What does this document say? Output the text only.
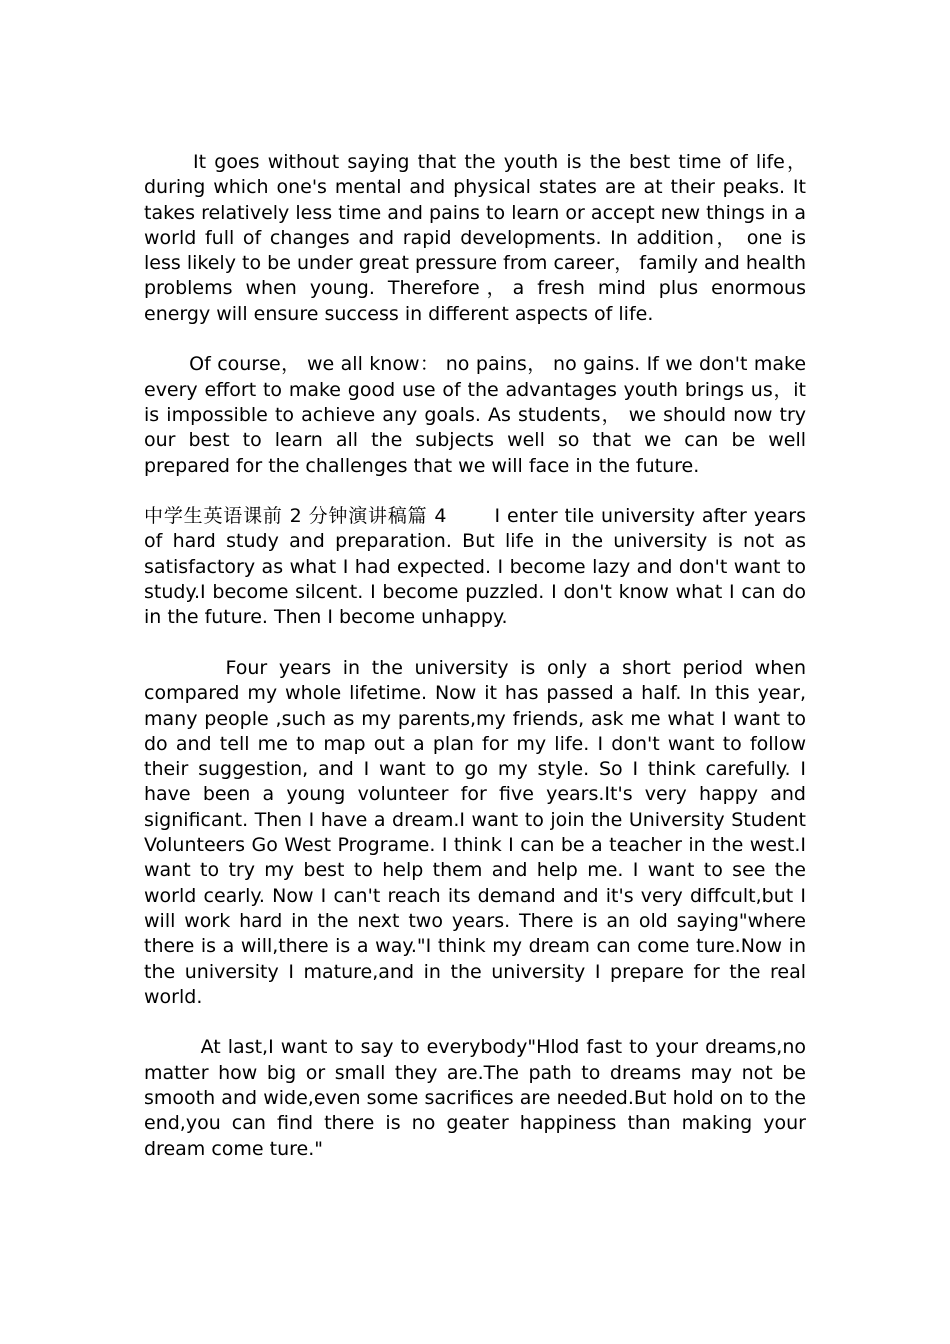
It goes without saying that the youth is the best time of life，during which one's mental and physical states are at their peaks. It takes relatively less time and pains to learn or accept new things in a world full of changes and rapid developments. In addition， one is less likely to be under great pressure from career， family and health problems when young. Therefore，a fresh mind plus enormous energy will ensure success in different aspects of life.

Of course， we all know： no pains， no gains. If we don't make every effort to make good use of the advantages youth brings us，it is impossible to achieve any goals. As students， we should now try our best to learn all the subjects well so that we can be well prepared for the challenges that we will face in the future.

中学生英语课前 2 分钟演讲稿篇 4       I enter tile university after years of hard study and preparation. But life in the university is not as satisfactory as what I had expected. I become lazy and don't want to study.I become silcent. I become puzzled. I don't know what I can do in the future. Then I become unhappy.

Four years in the university is only a short period when compared my whole lifetime. Now it has passed a half. In this year, many people ,such as my parents,my friends, ask me what I want to do and tell me to map out a plan for my life. I don't want to follow their suggestion, and I want to go my style. So I think carefully. I have been a young volunteer for five years.It's very happy and significant. Then I have a dream.I want to join the University Student Volunteers Go West Programe. I think I can be a teacher in the west.I want to try my best to help them and help me. I want to see the world cearly. Now I can't reach its demand and it's very diffcult,but I will work hard in the next two years. There is an old saying"where there is a will,there is a way."I think my dream can come ture.Now in the university I mature,and in the university I prepare for the real world.

At last,I want to say to everybody"Hlod fast to your dreams,no matter how big or small they are.The path to dreams may not be smooth and wide,even some sacrifices are needed.But hold on to the end,you can find there is no geater happiness than making your dream come ture."
